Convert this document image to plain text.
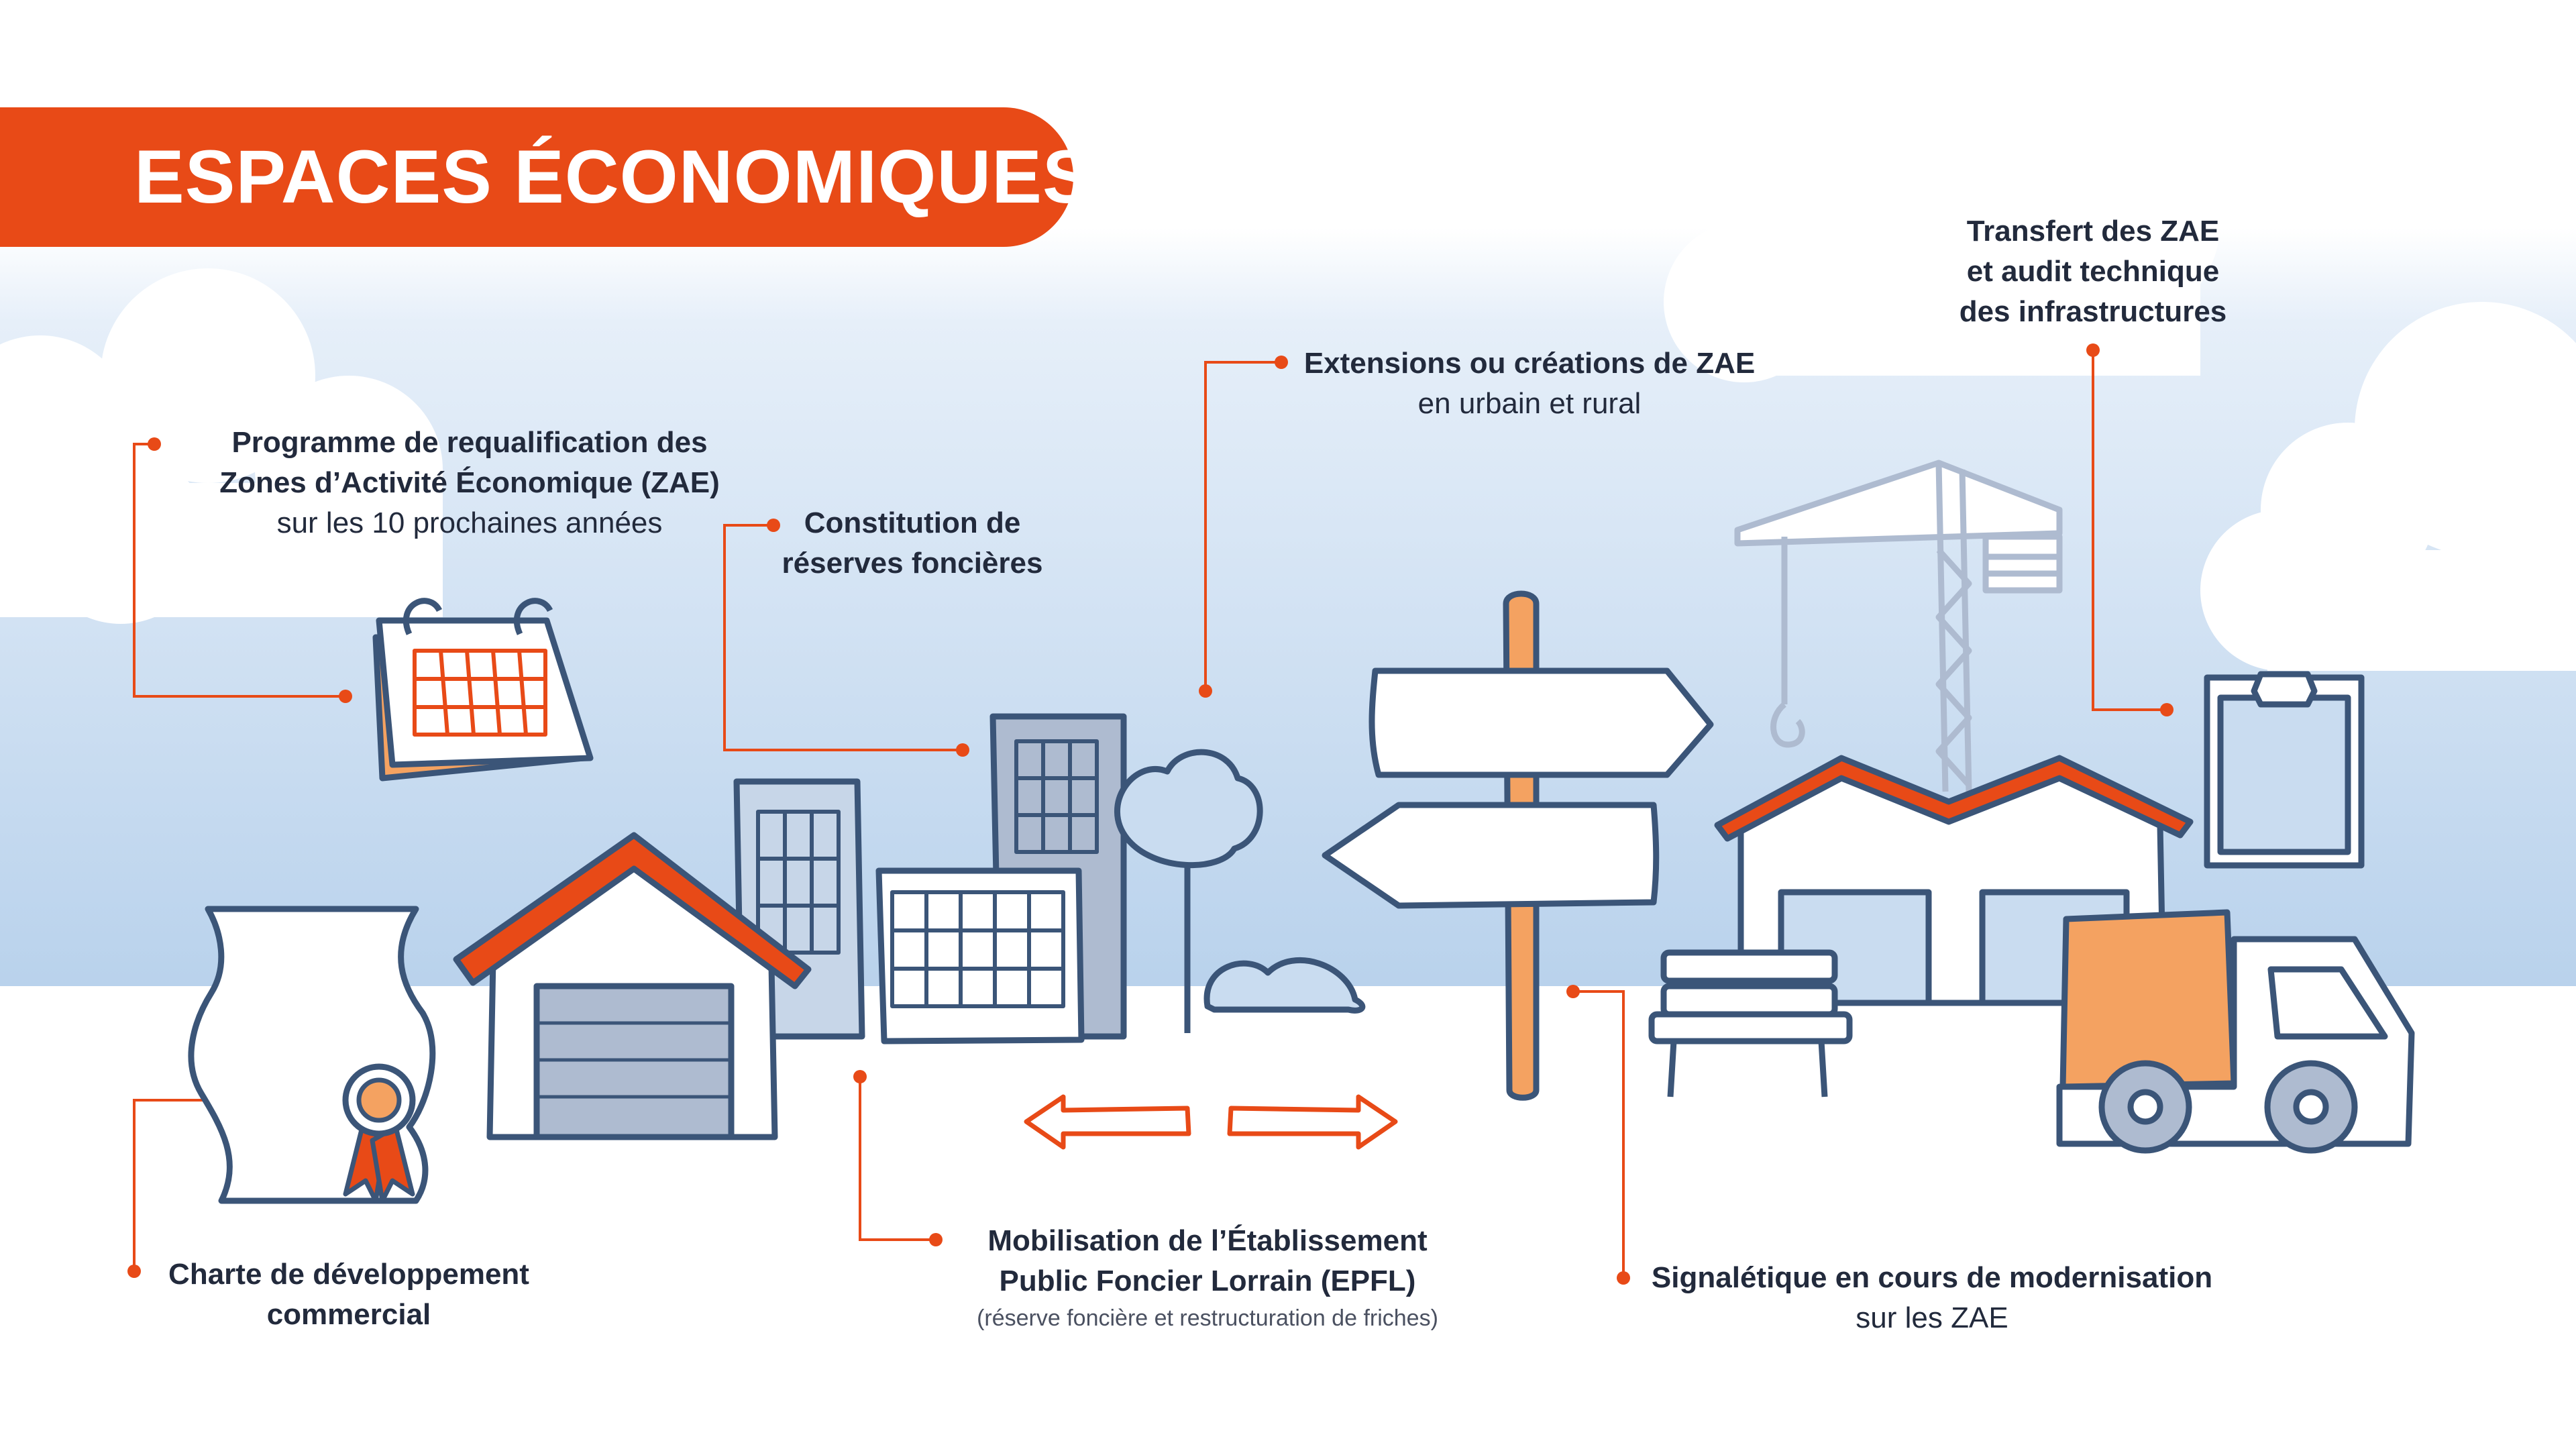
ESPACES ÉCONOMIQUES
Programme de requalification des
Zones d’Activité Économique (ZAE)
sur les 10 prochaines années	Constitution de
réserves foncières
Extensions ou créations de ZAE
en urbain et rural
Transfert des ZAE
et audit technique
des infrastructures
Charte de développement
commercial
Mobilisation de l’Établissement
Public Foncier Lorrain (EPFL)
(réserve foncière et restructuration de friches)
Signalétique en cours de modernisation
sur les ZAE
